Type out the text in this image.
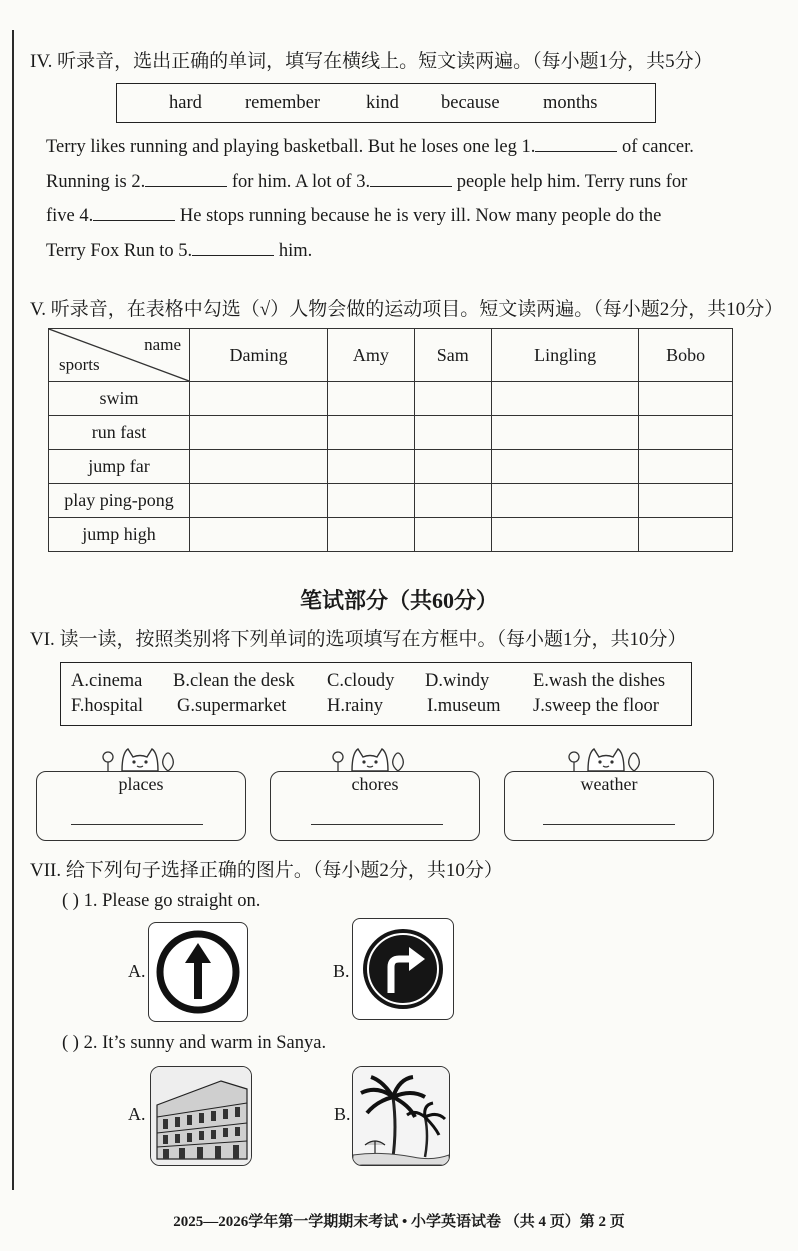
IV. 听录音，选出正确的单词，填写在横线上。短文读两遍。（每小题1分，共5分）
hard remember kind because months
Terry likes running and playing basketball. But he loses one leg 1.	of cancer.
Running is 2.	for him. A lot of 3.	people help him. Terry runs for
five 4.	He stops running because he is very ill. Now many people do the
Terry Fox Run to 5.	him.
V. 听录音，在表格中勾选（√）人物会做的运动项目。短文读两遍。（每小题2分，共10分）
name
sports	Daming	Amy	Sam	Lingling	Bobo
swim					
run fast					
jump far					
play ping-pong					
jump high					
笔试部分（共60分）
VI. 读一读，按照类别将下列单词的选项填写在方框中。（每小题1分，共10分）
A.cinema B.clean the desk C.cloudy D.windy E.wash the dishes
F.hospital G.supermarket H.rainy I.museum J.sweep the floor
places	chores	weather
VII. 给下列句子选择正确的图片。（每小题2分，共10分）
( ) 1. Please go straight on.
A.	B.
( ) 2. It’s sunny and warm in Sanya.
A.	B.
2025—2026学年第一学期期末考试 • 小学英语试卷 （共 4 页）第 2 页
